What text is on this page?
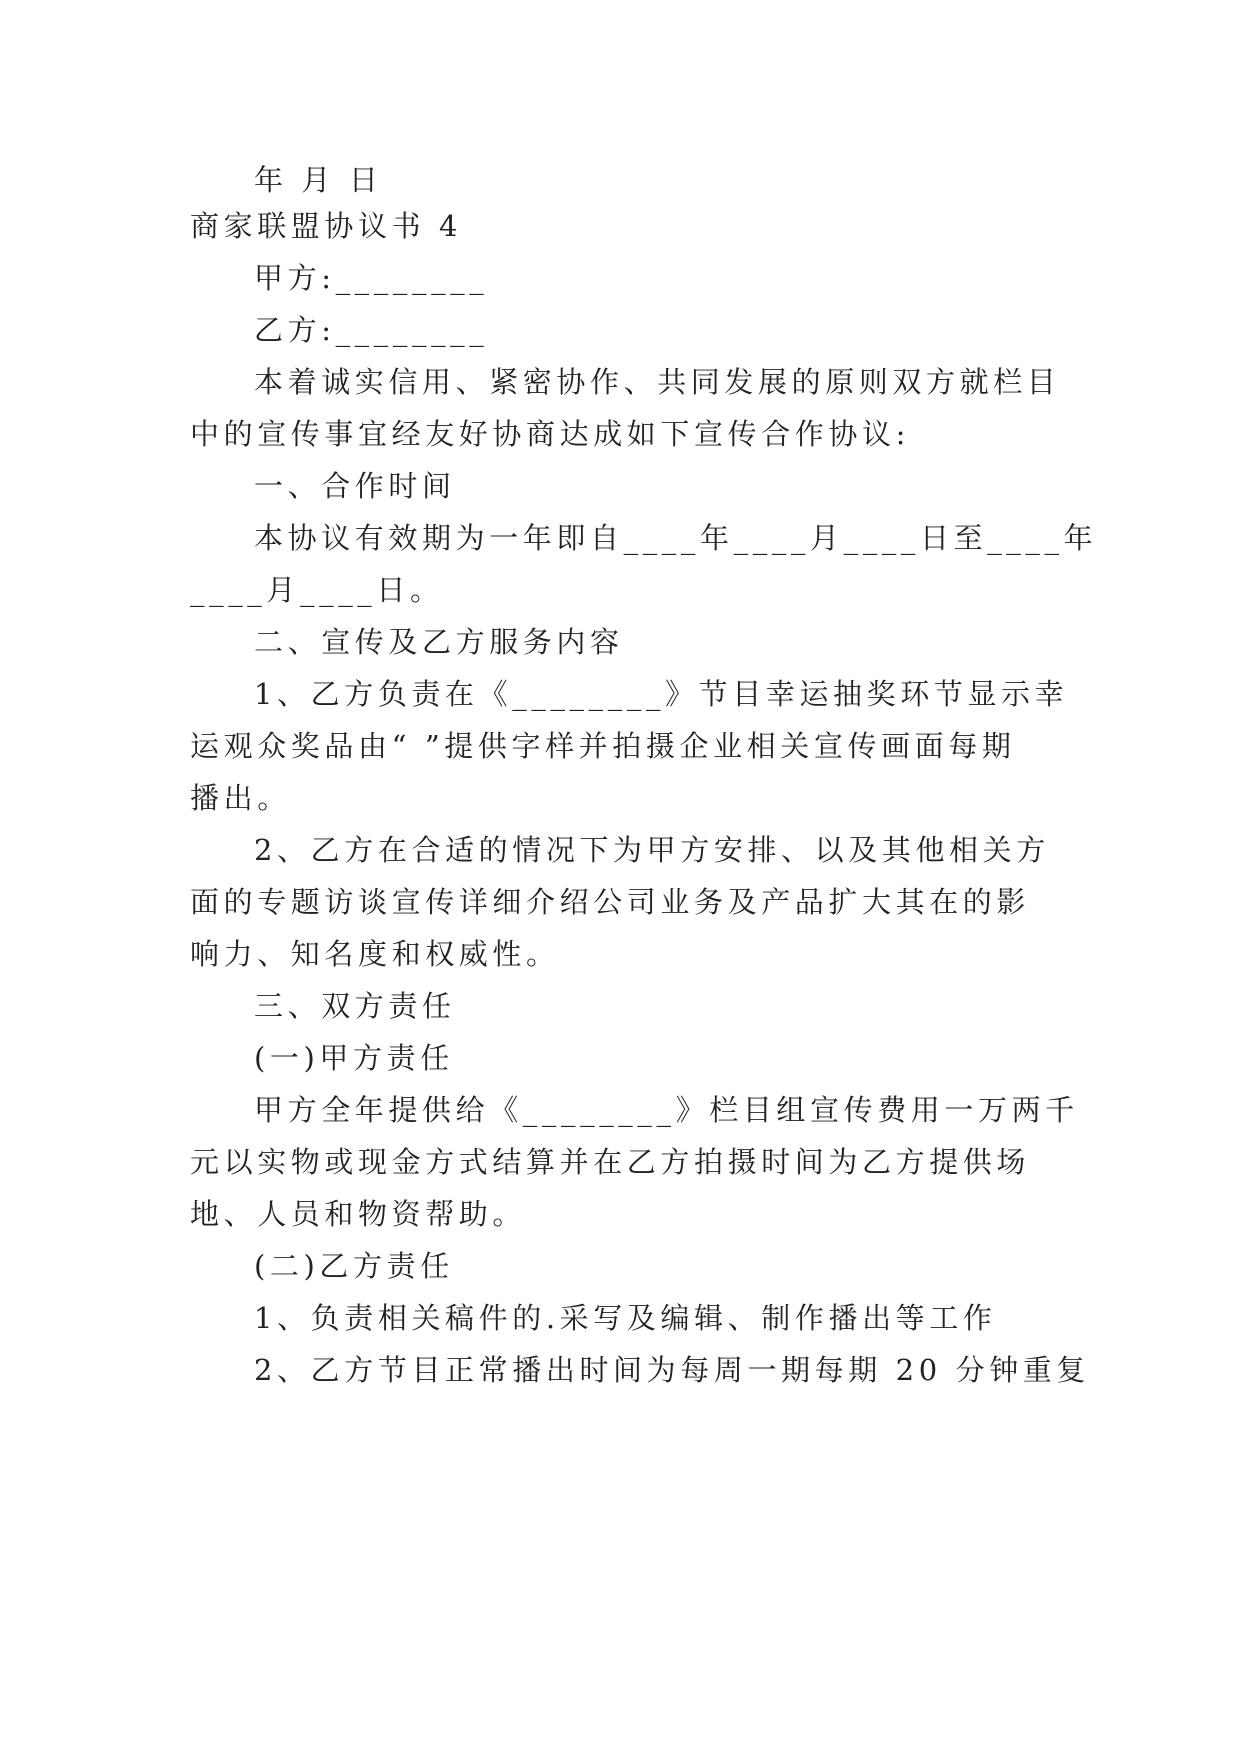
年 月 日
商家联盟协议书 4
甲方:________
乙方:________
本着诚实信用、紧密协作、共同发展的原则双方就栏目
中的宣传事宜经友好协商达成如下宣传合作协议:
一、合作时间
本协议有效期为一年即自____年____月____日至____年
____月____日。
二、宣传及乙方服务内容
1、乙方负责在《________》节目幸运抽奖环节显示幸
运观众奖品由“ ”提供字样并拍摄企业相关宣传画面每期
播出。
2、乙方在合适的情况下为甲方安排、以及其他相关方
面的专题访谈宣传详细介绍公司业务及产品扩大其在的影
响力、知名度和权威性。
三、双方责任
(一)甲方责任
甲方全年提供给《________》栏目组宣传费用一万两千
元以实物或现金方式结算并在乙方拍摄时间为乙方提供场
地、人员和物资帮助。
(二)乙方责任
1、负责相关稿件的.采写及编辑、制作播出等工作
2、乙方节目正常播出时间为每周一期每期 20 分钟重复
